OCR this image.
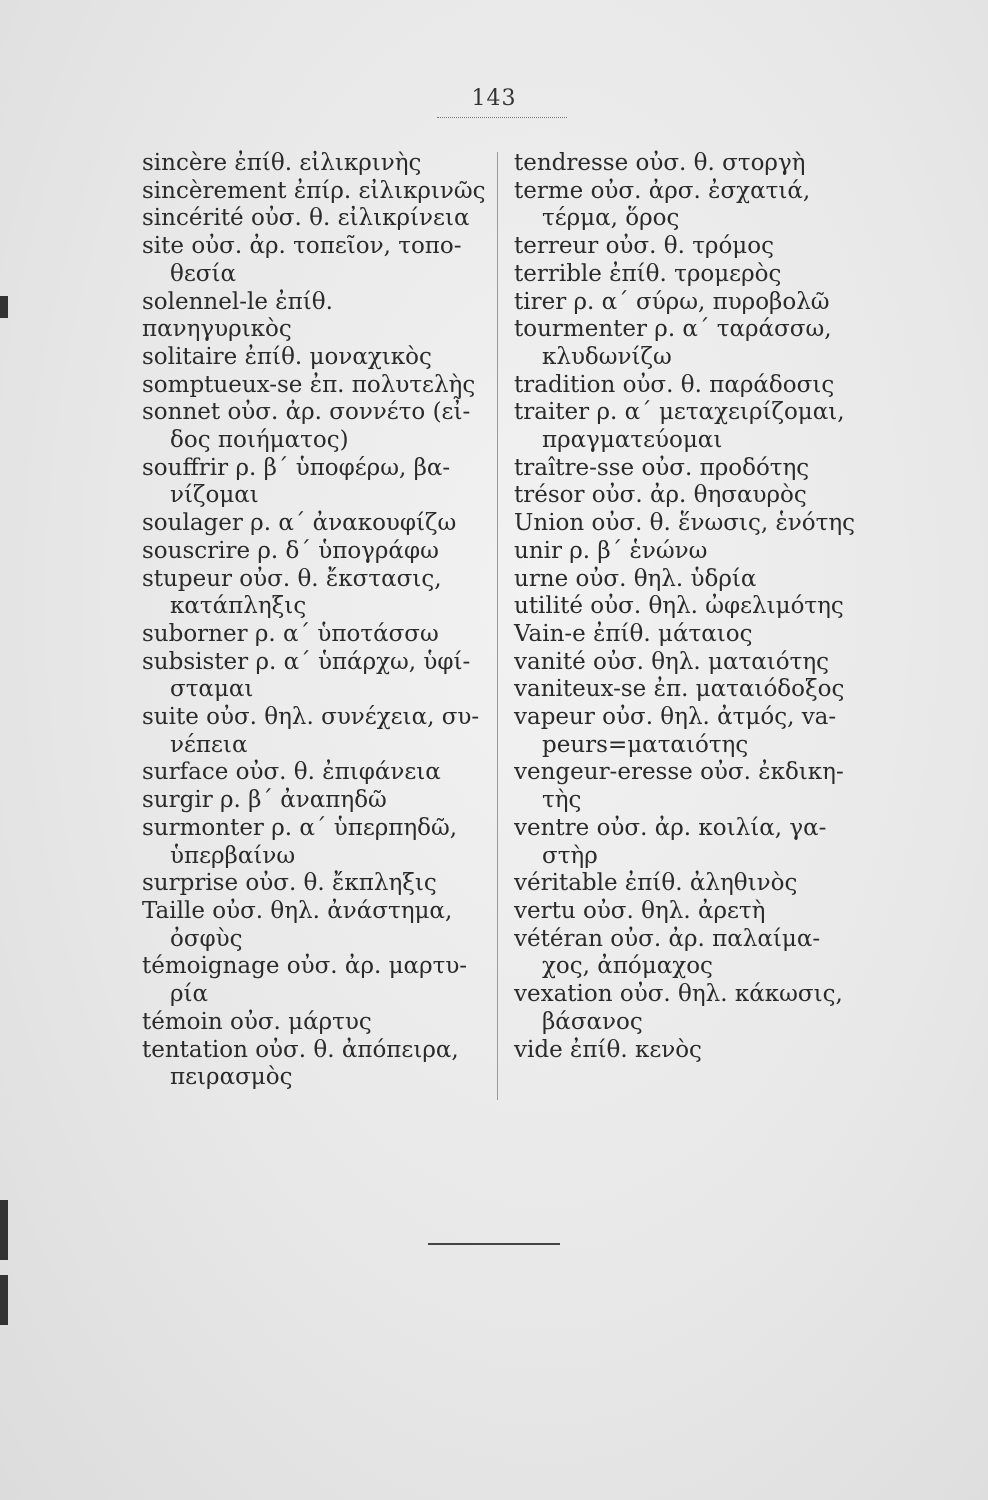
143
sincère ἐπίθ. εἰλικρινὴς
sincèrement ἐπίρ. εἰλικρινῶς
sincérité οὐσ. θ. εἰλικρίνεια
site οὐσ. ἀρ. τοπεῖον, τοπο-
θεσία
solennel-le ἐπίθ. πανηγυρικὸς
solitaire ἐπίθ. μοναχικὸς
somptueux-se ἐπ. πολυτελὴς
sonnet οὐσ. ἀρ. σοννέτο (εἶ-
δος ποιήματος)
souffrir ρ. β΄ ὑποφέρω, βα-
νίζομαι
soulager ρ. α΄ ἀνακουφίζω
souscrire ρ. δ΄ ὑπογράφω
stupeur οὐσ. θ. ἔκστασις,
κατάπληξις
suborner ρ. α΄ ὑποτάσσω
subsister ρ. α΄ ὑπάρχω, ὑφί-
σταμαι
suite οὐσ. θηλ. συνέχεια, συ-
νέπεια
surface οὐσ. θ. ἐπιφάνεια
surgir ρ. β΄ ἀναπηδῶ
surmonter ρ. α΄ ὑπερπηδῶ,
ὑπερβαίνω
surprise οὐσ. θ. ἔκπληξις
Taille οὐσ. θηλ. ἀνάστημα,
ὀσφὺς
témoignage οὐσ. ἀρ. μαρτυ-
ρία
témoin οὐσ. μάρτυς
tentation οὐσ. θ. ἀπόπειρα,
πειρασμὸς
tendresse οὐσ. θ. στοργὴ
terme οὐσ. ἀρσ. ἐσχατιά,
τέρμα, ὅρος
terreur οὐσ. θ. τρόμος
terrible ἐπίθ. τρομερὸς
tirer ρ. α΄ σύρω, πυροβολῶ
tourmenter ρ. α΄ ταράσσω,
κλυδωνίζω
tradition οὐσ. θ. παράδοσις
traiter ρ. α΄ μεταχειρίζομαι,
πραγματεύομαι
traître-sse οὐσ. προδότης
trésor οὐσ. ἀρ. θησαυρὸς
Union οὐσ. θ. ἕνωσις, ἑνότης
unir ρ. β΄ ἑνώνω
urne οὐσ. θηλ. ὑδρία
utilité οὐσ. θηλ. ὠφελιμότης
Vain-e ἐπίθ. μάταιος
vanité οὐσ. θηλ. ματαιότης
vaniteux-se ἐπ. ματαιόδοξος
vapeur οὐσ. θηλ. ἀτμός, va-
peurs=ματαιότης
vengeur-eresse οὐσ. ἐκδικη-
τὴς
ventre οὐσ. ἀρ. κοιλία, γα-
στὴρ
véritable ἐπίθ. ἀληθινὸς
vertu οὐσ. θηλ. ἀρετὴ
vétéran οὐσ. ἀρ. παλαίμα-
χος, ἀπόμαχος
vexation οὐσ. θηλ. κάκωσις,
βάσανος
vide ἐπίθ. κενὸς
